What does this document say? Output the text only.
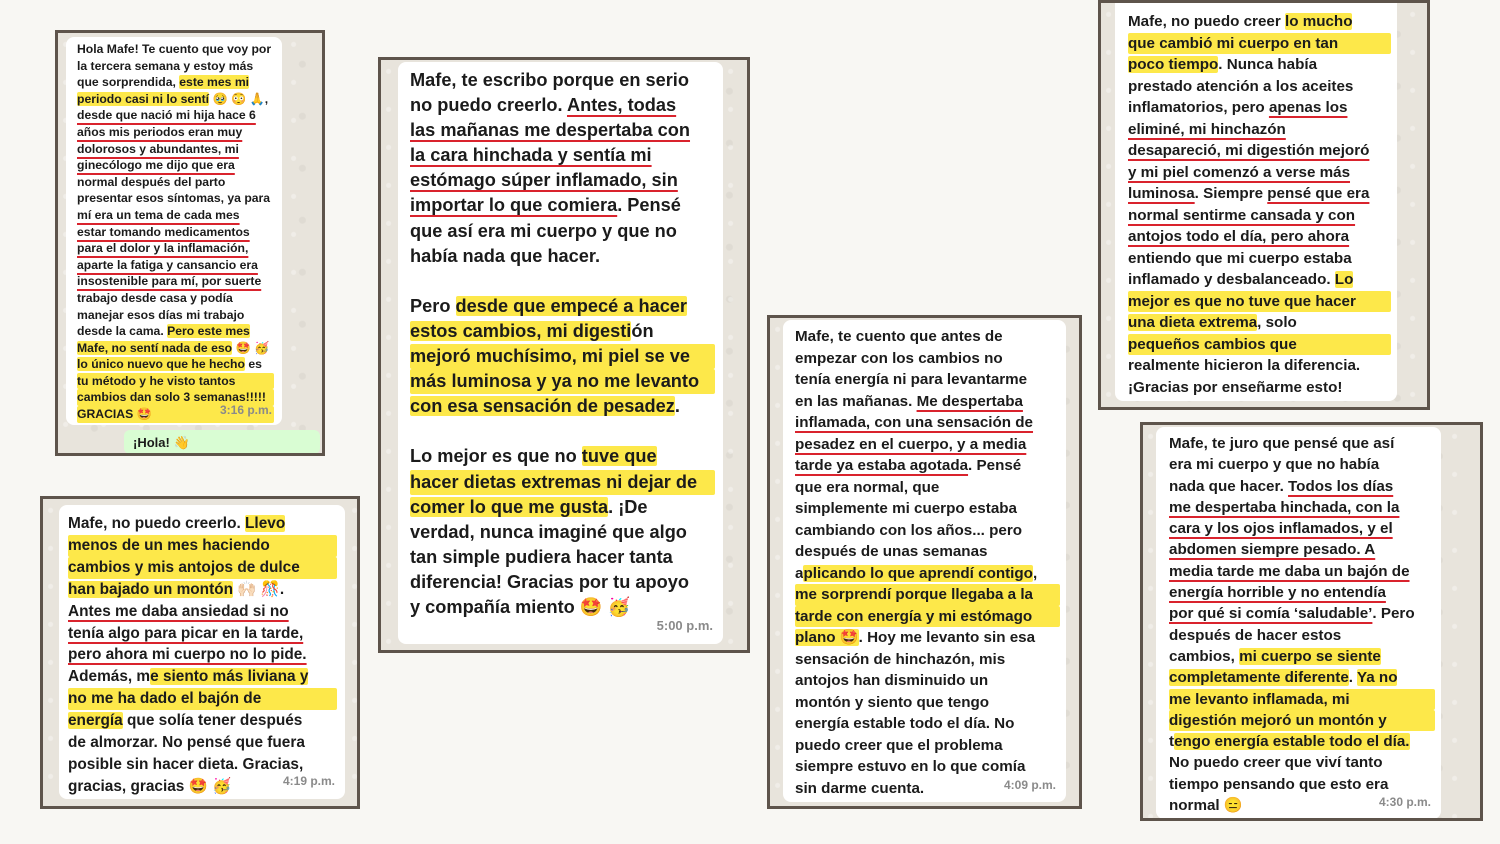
Hola Mafe! Te cuento que voy por
la tercera semana y estoy más
que sorprendida, este mes mi
periodo casi ni lo sentí 🥹 😳 🙏,
desde que nació mi hija hace 6
años mis periodos eran muy
dolorosos y abundantes, mi
ginecólogo me dijo que era
normal después del parto
presentar esos síntomas, ya para
mí era un tema de cada mes
estar tomando medicamentos
para el dolor y la inflamación,
aparte la fatiga y cansancio era
insostenible para mí, por suerte
trabajo desde casa y podía
manejar esos días mi trabajo
desde la cama. Pero este mes
Mafe, no sentí nada de eso 🤩 🥳
lo único nuevo que he hecho es
tu método y he visto tantos
cambios dan solo 3 semanas!!!!!
GRACIAS 🤩	3:16 p.m.
¡Hola! 👋
Mafe, no puedo creerlo. Llevo
menos de un mes haciendo
cambios y mis antojos de dulce
han bajado un montón 🙌🏻 🎊.
Antes me daba ansiedad si no
tenía algo para picar en la tarde,
pero ahora mi cuerpo no lo pide.
Además, me siento más liviana y
no me ha dado el bajón de
energía que solía tener después
de almorzar. No pensé que fuera
posible sin hacer dieta. Gracias,
gracias, gracias 🤩 🥳	4:19 p.m.
Mafe, te escribo porque en serio
no puedo creerlo. Antes, todas
las mañanas me despertaba con
la cara hinchada y sentía mi
estómago súper inflamado, sin
importar lo que comiera. Pensé
que así era mi cuerpo y que no
había nada que hacer.

Pero desde que empecé a hacer
estos cambios, mi digestión
mejoró muchísimo, mi piel se ve
más luminosa y ya no me levanto
con esa sensación de pesadez.

Lo mejor es que no tuve que
hacer dietas extremas ni dejar de
comer lo que me gusta. ¡De
verdad, nunca imaginé que algo
tan simple pudiera hacer tanta
diferencia! Gracias por tu apoyo
y compañía miento 🤩 🥳
5:00 p.m.
Mafe, te cuento que antes de
empezar con los cambios no
tenía energía ni para levantarme
en las mañanas. Me despertaba
inflamada, con una sensación de
pesadez en el cuerpo, y a media
tarde ya estaba agotada. Pensé
que era normal, que
simplemente mi cuerpo estaba
cambiando con los años... pero
después de unas semanas
aplicando lo que aprendí contigo,
me sorprendí porque llegaba a la
tarde con energía y mi estómago
plano 🤩. Hoy me levanto sin esa
sensación de hinchazón, mis
antojos han disminuido un
montón y siento que tengo
energía estable todo el día. No
puedo creer que el problema
siempre estuvo en lo que comía
sin darme cuenta.	4:09 p.m.
Mafe, no puedo creer lo mucho
que cambió mi cuerpo en tan
poco tiempo. Nunca había
prestado atención a los aceites
inflamatorios, pero apenas los
eliminé, mi hinchazón
desapareció, mi digestión mejoró
y mi piel comenzó a verse más
luminosa. Siempre pensé que era
normal sentirme cansada y con
antojos todo el día, pero ahora
entiendo que mi cuerpo estaba
inflamado y desbalanceado. Lo
mejor es que no tuve que hacer
una dieta extrema, solo
pequeños cambios que
realmente hicieron la diferencia.
¡Gracias por enseñarme esto!
Mafe, te juro que pensé que así
era mi cuerpo y que no había
nada que hacer. Todos los días
me despertaba hinchada, con la
cara y los ojos inflamados, y el
abdomen siempre pesado. A
media tarde me daba un bajón de
energía horrible y no entendía
por qué si comía ‘saludable’. Pero
después de hacer estos
cambios, mi cuerpo se siente
completamente diferente. Ya no
me levanto inflamada, mi
digestión mejoró un montón y
tengo energía estable todo el día.
No puedo creer que viví tanto
tiempo pensando que esto era
normal 😑	4:30 p.m.
